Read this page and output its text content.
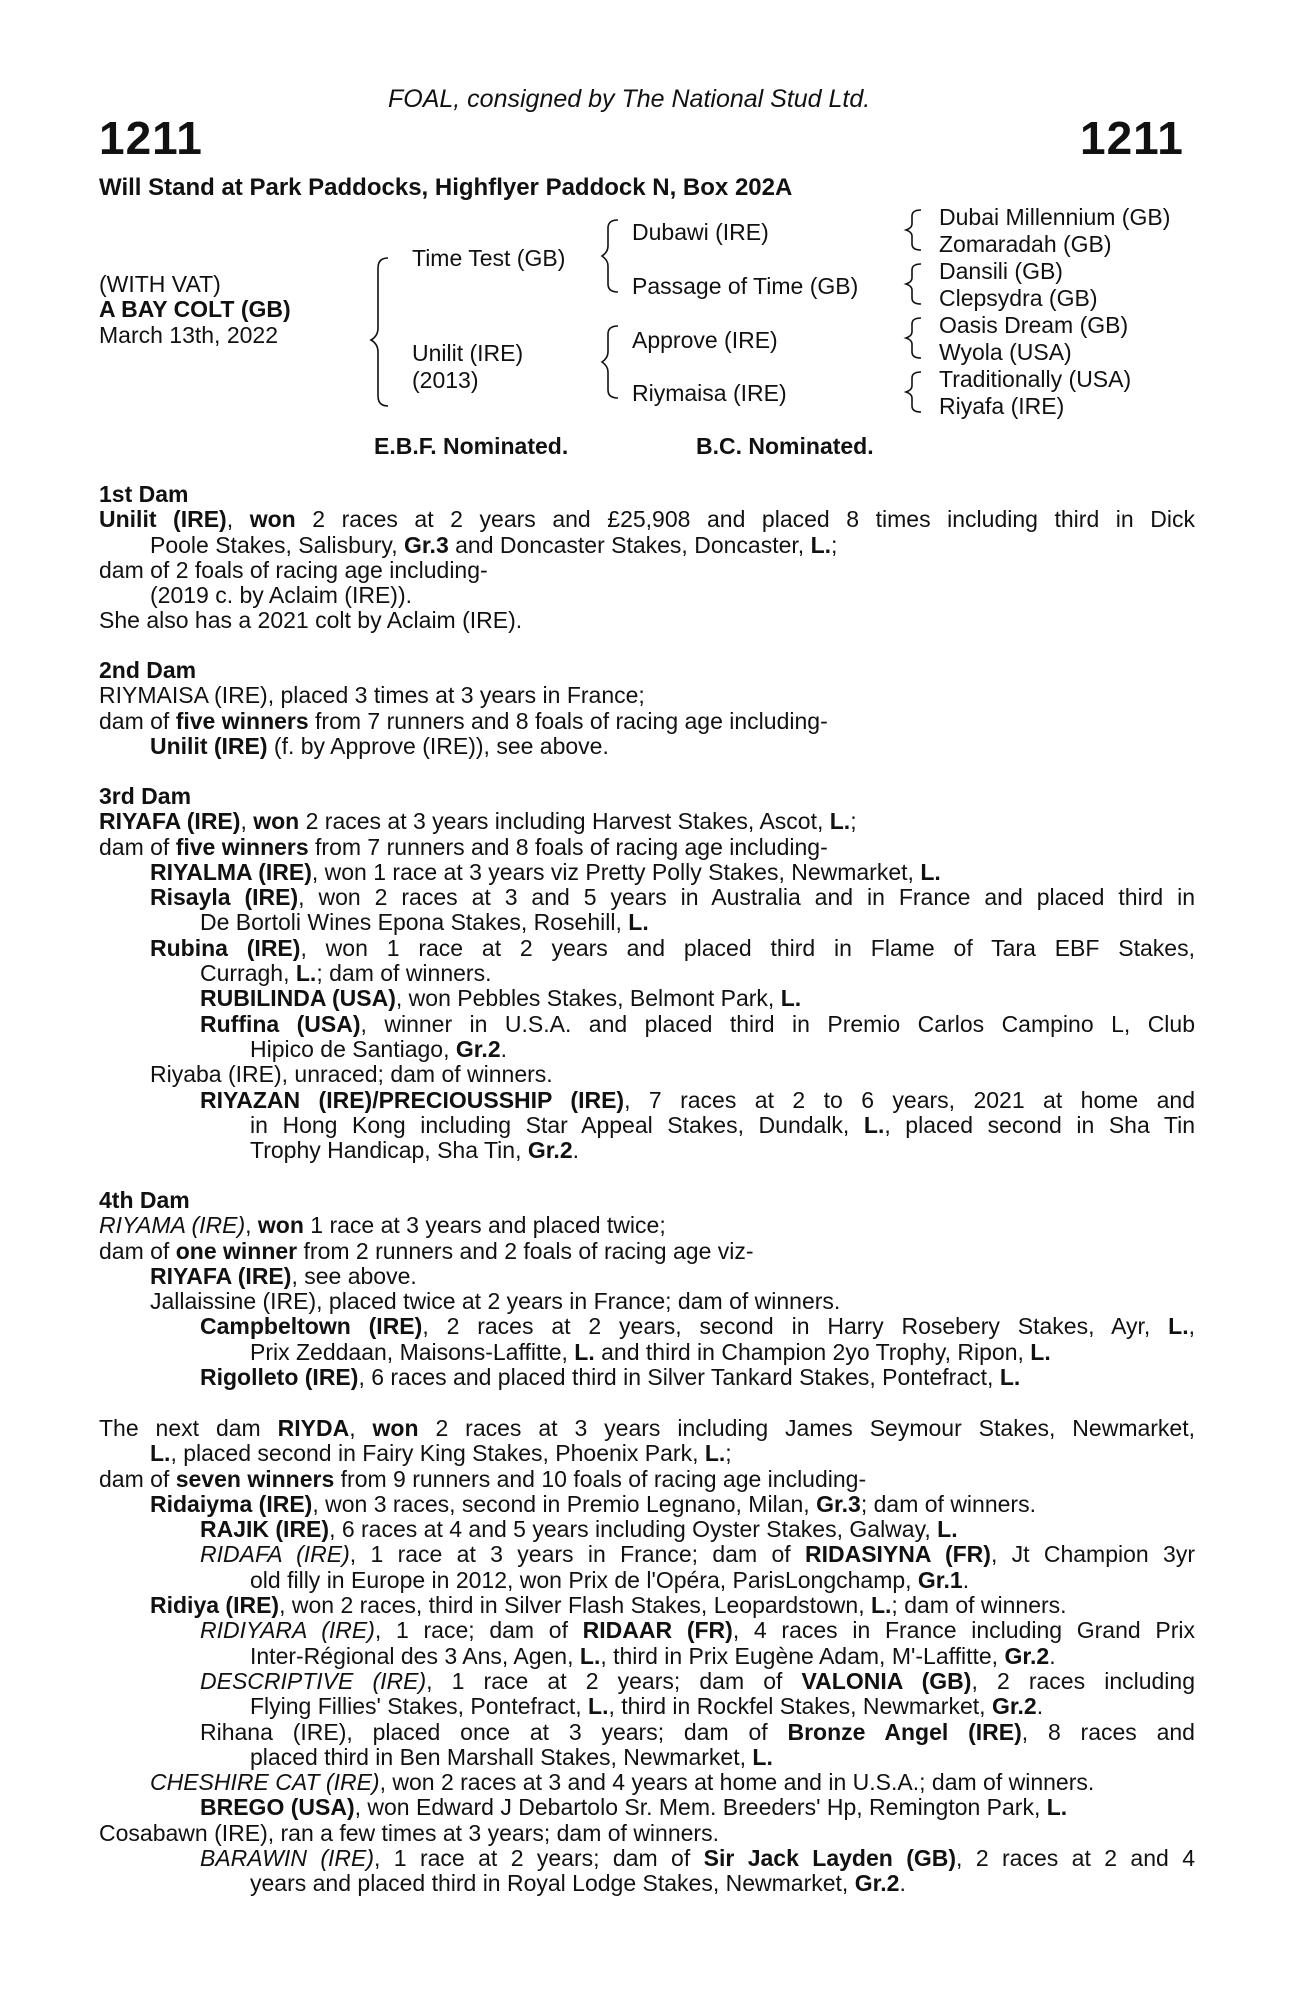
FOAL, consigned by The National Stud Ltd.
1211	1211
Will Stand at Park Paddocks, Highflyer Paddock N, Box 202A
(WITH VAT)
A BAY COLT (GB)
March 13th, 2022
Time Test (GB)
Unilit (IRE)
(2013)
Dubawi (IRE)
Passage of Time (GB)
Approve (IRE)
Riymaisa (IRE)
Dubai Millennium (GB)
Zomaradah (GB)
Dansili (GB)
Clepsydra (GB)
Oasis Dream (GB)
Wyola (USA)
Traditionally (USA)
Riyafa (IRE)
E.B.F. Nominated.	B.C. Nominated.
1st Dam
Unilit (IRE), won 2 races at 2 years and £25,908 and placed 8 times including third in Dick
Poole Stakes, Salisbury, Gr.3 and Doncaster Stakes, Doncaster, L.;
dam of 2 foals of racing age including-
(2019 c. by Aclaim (IRE)).
She also has a 2021 colt by Aclaim (IRE).
2nd Dam
RIYMAISA (IRE), placed 3 times at 3 years in France;
dam of five winners from 7 runners and 8 foals of racing age including-
Unilit (IRE) (f. by Approve (IRE)), see above.
3rd Dam
RIYAFA (IRE), won 2 races at 3 years including Harvest Stakes, Ascot, L.;
dam of five winners from 7 runners and 8 foals of racing age including-
RIYALMA (IRE), won 1 race at 3 years viz Pretty Polly Stakes, Newmarket, L.
Risayla (IRE), won 2 races at 3 and 5 years in Australia and in France and placed third in
De Bortoli Wines Epona Stakes, Rosehill, L.
Rubina (IRE), won 1 race at 2 years and placed third in Flame of Tara EBF Stakes,
Curragh, L.; dam of winners.
RUBILINDA (USA), won Pebbles Stakes, Belmont Park, L.
Ruffina (USA), winner in U.S.A. and placed third in Premio Carlos Campino L, Club
Hipico de Santiago, Gr.2.
Riyaba (IRE), unraced; dam of winners.
RIYAZAN (IRE)/PRECIOUSSHIP (IRE), 7 races at 2 to 6 years, 2021 at home and
in Hong Kong including Star Appeal Stakes, Dundalk, L., placed second in Sha Tin
Trophy Handicap, Sha Tin, Gr.2.
4th Dam
RIYAMA (IRE), won 1 race at 3 years and placed twice;
dam of one winner from 2 runners and 2 foals of racing age viz-
RIYAFA (IRE), see above.
Jallaissine (IRE), placed twice at 2 years in France; dam of winners.
Campbeltown (IRE), 2 races at 2 years, second in Harry Rosebery Stakes, Ayr, L.,
Prix Zeddaan, Maisons-Laffitte, L. and third in Champion 2yo Trophy, Ripon, L.
Rigolleto (IRE), 6 races and placed third in Silver Tankard Stakes, Pontefract, L.
The next dam RIYDA, won 2 races at 3 years including James Seymour Stakes, Newmarket,
L., placed second in Fairy King Stakes, Phoenix Park, L.;
dam of seven winners from 9 runners and 10 foals of racing age including-
Ridaiyma (IRE), won 3 races, second in Premio Legnano, Milan, Gr.3; dam of winners.
RAJIK (IRE), 6 races at 4 and 5 years including Oyster Stakes, Galway, L.
RIDAFA (IRE), 1 race at 3 years in France; dam of RIDASIYNA (FR), Jt Champion 3yr
old filly in Europe in 2012, won Prix de l'Opéra, ParisLongchamp, Gr.1.
Ridiya (IRE), won 2 races, third in Silver Flash Stakes, Leopardstown, L.; dam of winners.
RIDIYARA (IRE), 1 race; dam of RIDAAR (FR), 4 races in France including Grand Prix
Inter-Régional des 3 Ans, Agen, L., third in Prix Eugène Adam, M'-Laffitte, Gr.2.
DESCRIPTIVE (IRE), 1 race at 2 years; dam of VALONIA (GB), 2 races including
Flying Fillies' Stakes, Pontefract, L., third in Rockfel Stakes, Newmarket, Gr.2.
Rihana (IRE), placed once at 3 years; dam of Bronze Angel (IRE), 8 races and
placed third in Ben Marshall Stakes, Newmarket, L.
CHESHIRE CAT (IRE), won 2 races at 3 and 4 years at home and in U.S.A.; dam of winners.
BREGO (USA), won Edward J Debartolo Sr. Mem. Breeders' Hp, Remington Park, L.
Cosabawn (IRE), ran a few times at 3 years; dam of winners.
BARAWIN (IRE), 1 race at 2 years; dam of Sir Jack Layden (GB), 2 races at 2 and 4
years and placed third in Royal Lodge Stakes, Newmarket, Gr.2.
